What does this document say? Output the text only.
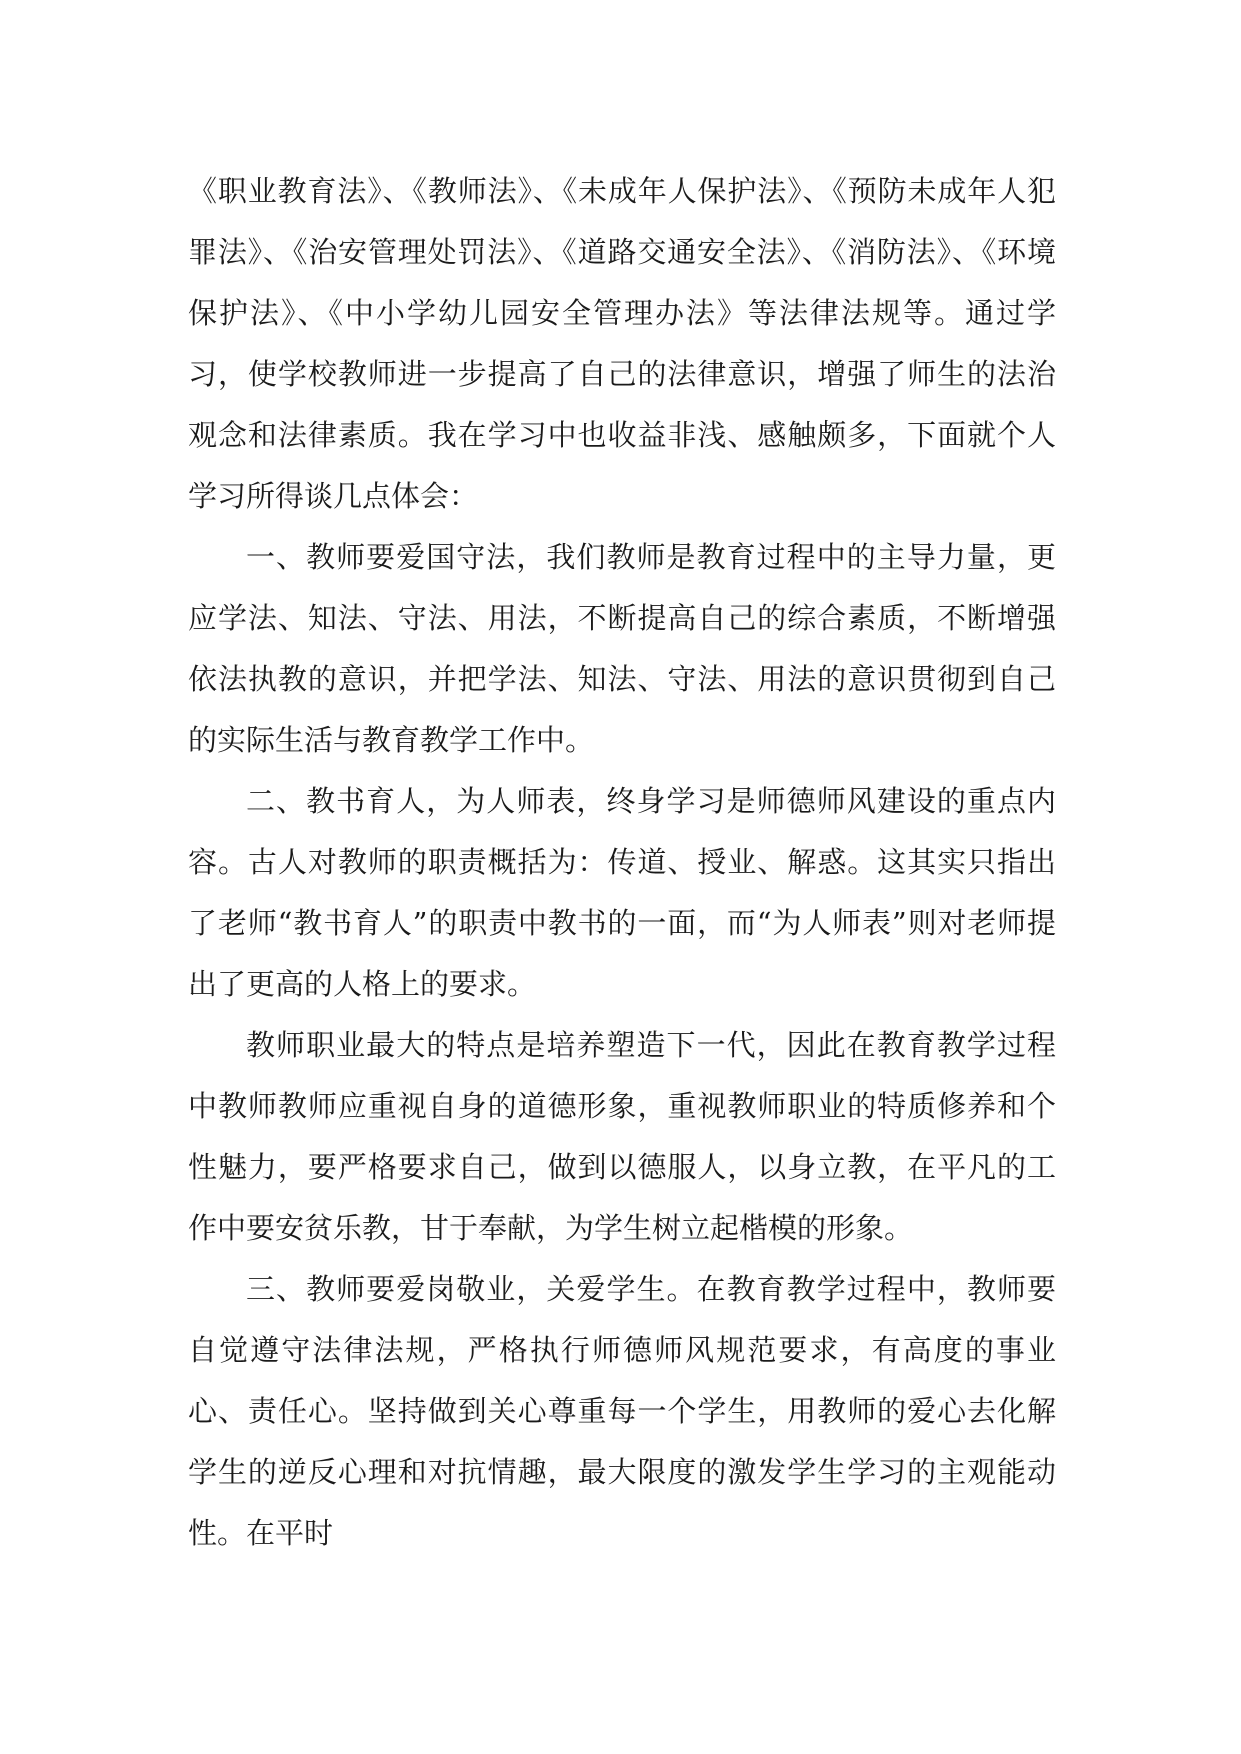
《职业教育法》、《教师法》、《未成年人保护法》、《预防未成年人犯罪法》、《治安管理处罚法》、《道路交通安全法》、《消防法》、《环境保护法》、《中小学幼儿园安全管理办法》等法律法规等。通过学习，使学校教师进一步提高了自己的法律意识，增强了师生的法治观念和法律素质。我在学习中也收益非浅、感触颇多，下面就个人学习所得谈几点体会：

一、教师要爱国守法，我们教师是教育过程中的主导力量，更应学法、知法、守法、用法，不断提高自己的综合素质，不断增强依法执教的意识，并把学法、知法、守法、用法的意识贯彻到自己的实际生活与教育教学工作中。

二、教书育人，为人师表，终身学习是师德师风建设的重点内容。古人对教师的职责概括为：传道、授业、解惑。这其实只指出了老师“教书育人”的职责中教书的一面，而“为人师表”则对老师提出了更高的人格上的要求。

教师职业最大的特点是培养塑造下一代，因此在教育教学过程中教师教师应重视自身的道德形象，重视教师职业的特质修养和个性魅力，要严格要求自己，做到以德服人，以身立教，在平凡的工作中要安贫乐教，甘于奉献，为学生树立起楷模的形象。

三、教师要爱岗敬业，关爱学生。在教育教学过程中，教师要自觉遵守法律法规，严格执行师德师风规范要求，有高度的事业心、责任心。坚持做到关心尊重每一个学生，用教师的爱心去化解学生的逆反心理和对抗情趣，最大限度的激发学生学习的主观能动性。在平时
